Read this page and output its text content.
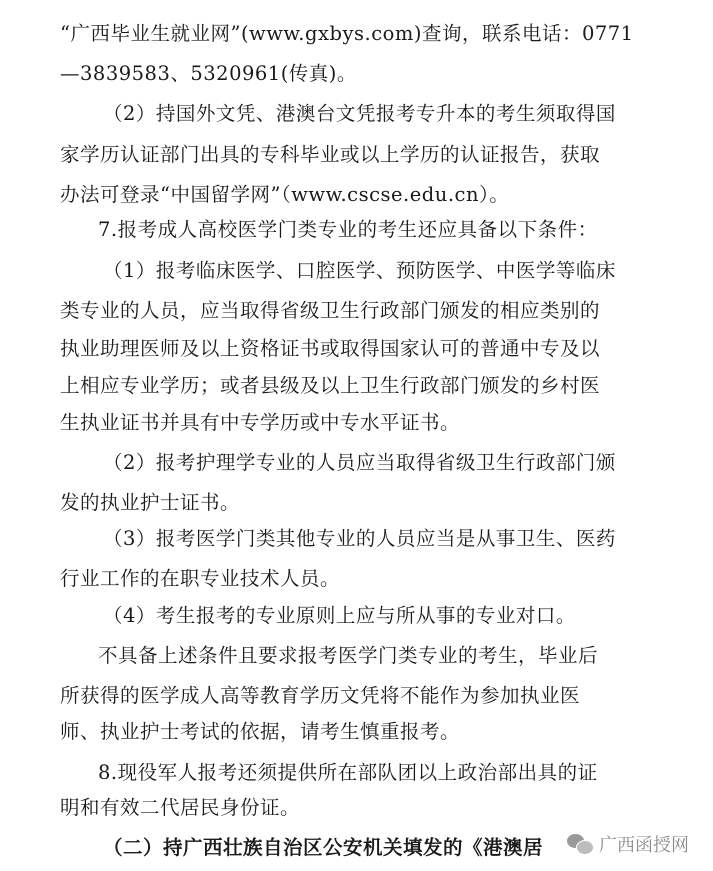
“广西毕业生就业网”(www.gxbys.com)查询，联系电话：0771
—3839583、5320961(传真)。
（2）持国外文凭、港澳台文凭报考专升本的考生须取得国
家学历认证部门出具的专科毕业或以上学历的认证报告，获取
办法可登录“中国留学网”（www.cscse.edu.cn）。
7.报考成人高校医学门类专业的考生还应具备以下条件：
（1）报考临床医学、口腔医学、预防医学、中医学等临床
类专业的人员，应当取得省级卫生行政部门颁发的相应类别的
执业助理医师及以上资格证书或取得国家认可的普通中专及以
上相应专业学历；或者县级及以上卫生行政部门颁发的乡村医
生执业证书并具有中专学历或中专水平证书。
（2）报考护理学专业的人员应当取得省级卫生行政部门颁
发的执业护士证书。
（3）报考医学门类其他专业的人员应当是从事卫生、医药
行业工作的在职专业技术人员。
（4）考生报考的专业原则上应与所从事的专业对口。
不具备上述条件且要求报考医学门类专业的考生，毕业后
所获得的医学成人高等教育学历文凭将不能作为参加执业医
师、执业护士考试的依据，请考生慎重报考。
8.现役军人报考还须提供所在部队团以上政治部出具的证
明和有效二代居民身份证。
（二）持广西壮族自治区公安机关填发的《港澳居	广西函授网
